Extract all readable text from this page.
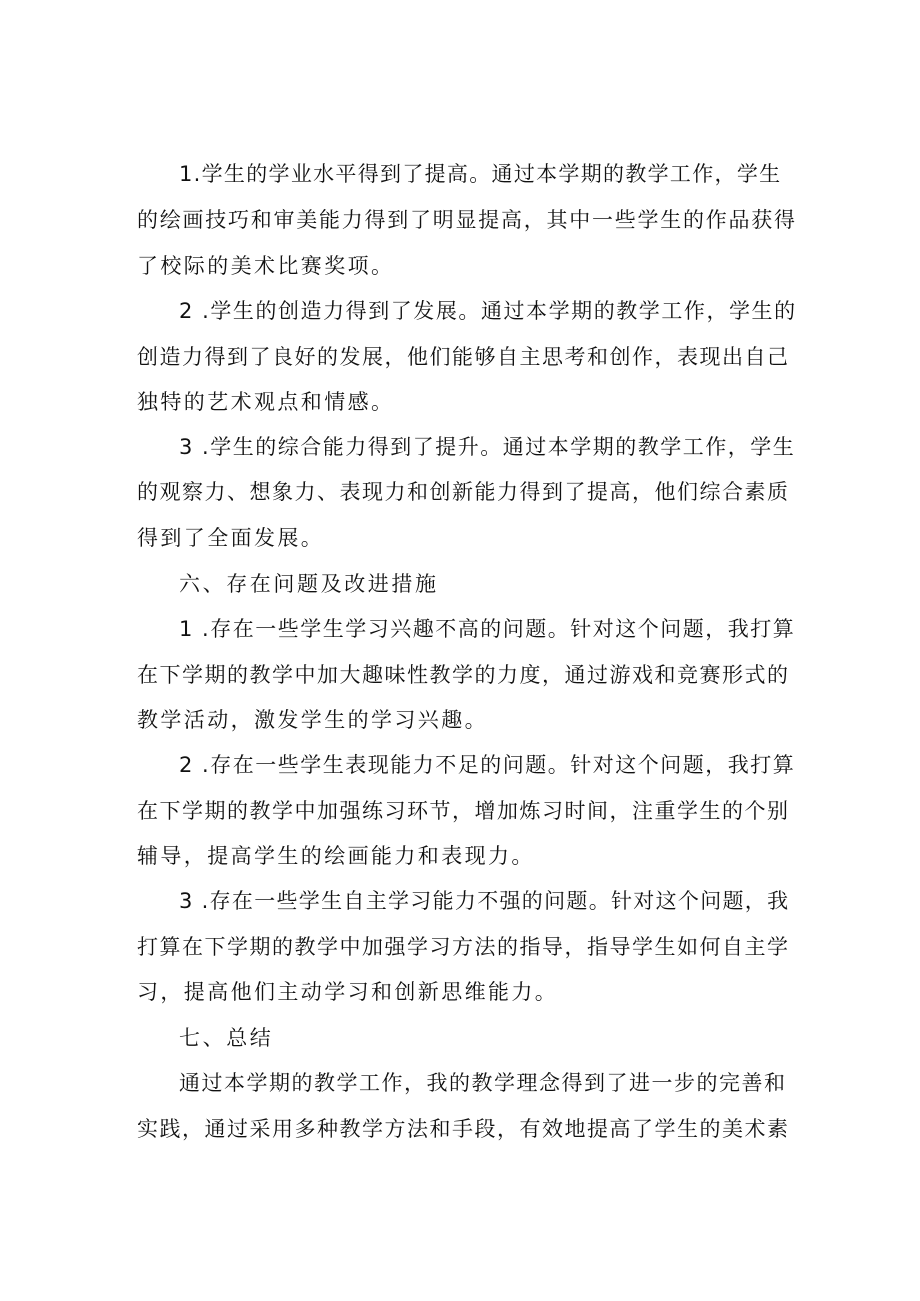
1.学生的学业水平得到了提高。通过本学期的教学工作，学生
的绘画技巧和审美能力得到了明显提高，其中一些学生的作品获得
了校际的美术比赛奖项。
2 .学生的创造力得到了发展。通过本学期的教学工作，学生的
创造力得到了良好的发展，他们能够自主思考和创作，表现出自己
独特的艺术观点和情感。
3 .学生的综合能力得到了提升。通过本学期的教学工作，学生
的观察力、想象力、表现力和创新能力得到了提高，他们综合素质
得到了全面发展。
六、存在问题及改进措施
1 .存在一些学生学习兴趣不高的问题。针对这个问题，我打算
在下学期的教学中加大趣味性教学的力度，通过游戏和竞赛形式的
教学活动，激发学生的学习兴趣。
2 .存在一些学生表现能力不足的问题。针对这个问题，我打算
在下学期的教学中加强练习环节，增加炼习时间，注重学生的个别
辅导，提高学生的绘画能力和表现力。
3 .存在一些学生自主学习能力不强的问题。针对这个问题，我
打算在下学期的教学中加强学习方法的指导，指导学生如何自主学
习，提高他们主动学习和创新思维能力。
七、总结
通过本学期的教学工作，我的教学理念得到了进一步的完善和
实践，通过采用多种教学方法和手段，有效地提高了学生的美术素
